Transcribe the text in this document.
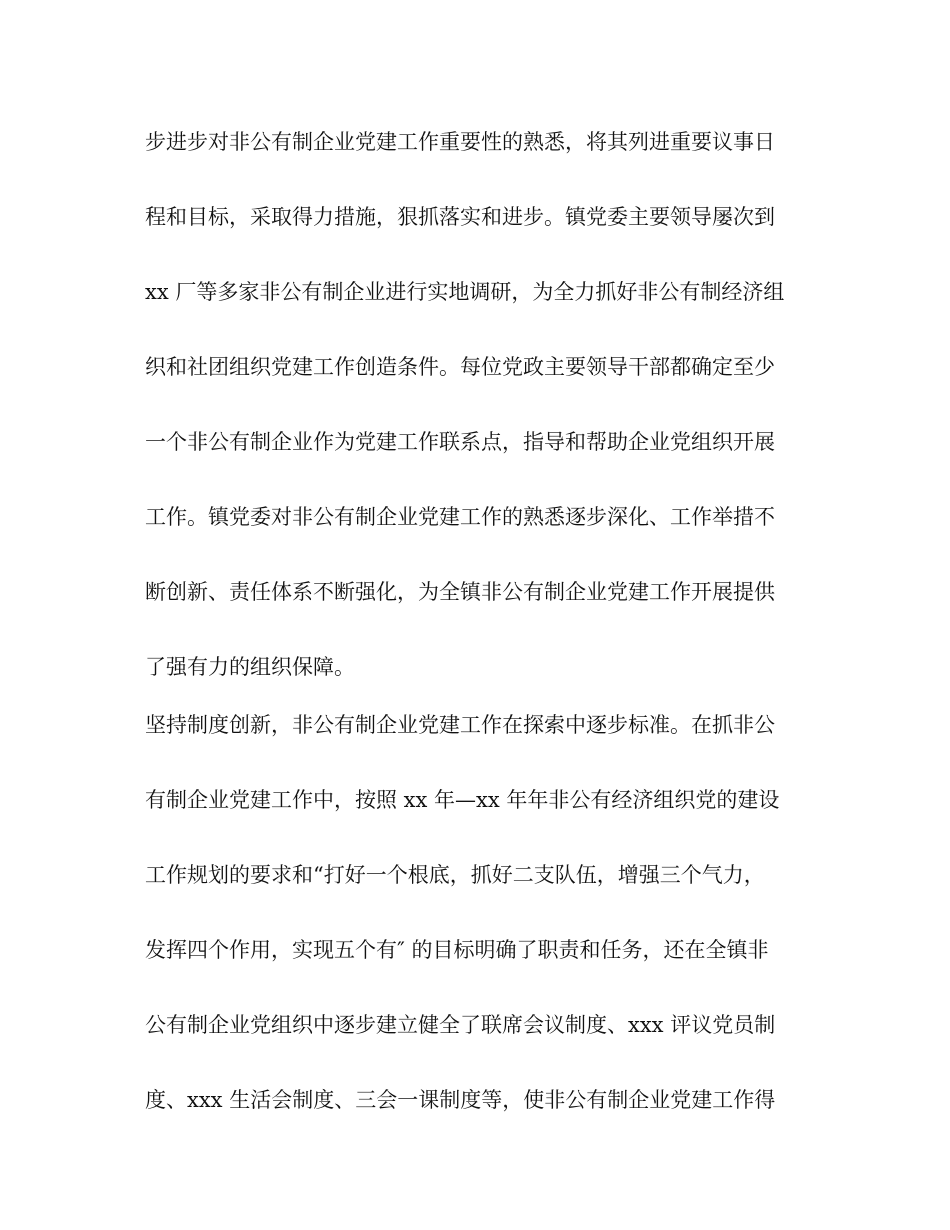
步进步对非公有制企业党建工作重要性的熟悉，将其列进重要议事日
程和目标，采取得力措施，狠抓落实和进步。镇党委主要领导屡次到
xx 厂等多家非公有制企业进行实地调研，为全力抓好非公有制经济组
织和社团组织党建工作创造条件。每位党政主要领导干部都确定至少
一个非公有制企业作为党建工作联系点，指导和帮助企业党组织开展
工作。镇党委对非公有制企业党建工作的熟悉逐步深化、工作举措不
断创新、责任体系不断强化，为全镇非公有制企业党建工作开展提供
了强有力的组织保障。
坚持制度创新，非公有制企业党建工作在探索中逐步标准。在抓非公
有制企业党建工作中，按照 xx 年—xx 年年非公有经济组织党的建设
工作规划的要求和“打好一个根底，抓好二支队伍，增强三个气力，
发挥四个作用，实现五个有″ 的目标明确了职责和任务，还在全镇非
公有制企业党组织中逐步建立健全了联席会议制度、xxx 评议党员制
度、xxx 生活会制度、三会一课制度等，使非公有制企业党建工作得
